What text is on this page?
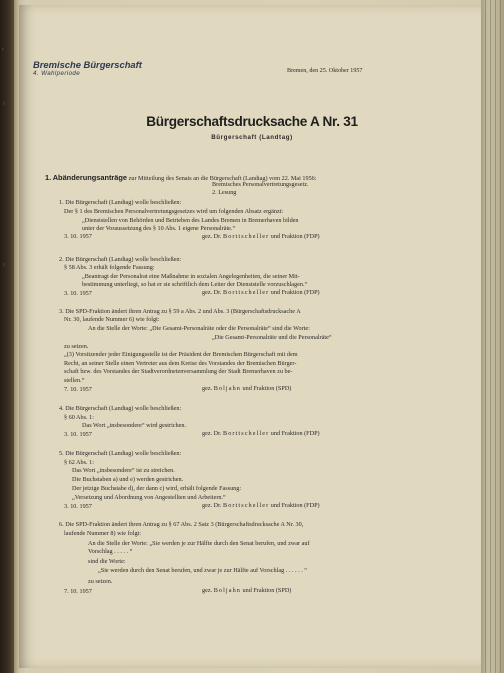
r
r
c
Bremische Bürgerschaft
4. Wahlperiode	Bremen, den 25. Oktober 1957
Bürgerschaftsdrucksache A Nr. 31
Bürgerschaft (Landtag)
1. Abänderungsanträge zur Mitteilung des Senats an die Bürgerschaft (Landtag) vom 22. Mai 1956:
Bremisches Personalvertretungsgesetz.
2. Lesung
1. Die Bürgerschaft (Landtag) wolle beschließen:
Der § 1 des Bremischen Personalvertretungsgesetzes wird um folgenden Absatz ergänzt:
„Dienststellen von Behörden und Betrieben des Landes Bremen in Bremerhaven bilden
unter der Voraussetzung des § 10 Abs. 1 eigene Personalräte.“
3. 10. 1957	gez. Dr. Borttscheller und Fraktion (FDP)
2. Die Bürgerschaft (Landtag) wolle beschließen:
§ 58 Abs. 3 erhält folgende Fassung:
„Beantragt der Personalrat eine Maßnahme in sozialen Angelegenheiten, die seiner Mit-
bestimmung unterliegt, so hat er sie schriftlich dem Leiter der Dienststelle vorzuschlagen.“
3. 10. 1957	gez. Dr. Borttscheller und Fraktion (FDP)
3. Die SPD-Fraktion ändert ihren Antrag zu § 59 a Abs. 2 und Abs. 3 (Bürgerschaftsdrucksache A
Nr. 30, laufende Nummer 6) wie folgt:
An die Stelle der Worte: „Die Gesamt-Personalräte oder die Personalräte“ sind die Worte:
„Die Gesamt-Personalräte und die Personalräte“
zu setzen.
„(3) Vorsitzender jeder Einigungsstelle ist der Präsident der Bremischen Bürgerschaft mit dem
Recht, an seiner Stelle einen Vertreter aus dem Kreise des Vorstandes der Bremischen Bürger-
schaft bzw. des Vorstandes der Stadtverordnetenversammlung der Stadt Bremerhaven zu be-
stellen.“
7. 10. 1957	gez. Boljahn und Fraktion (SPD)
4. Die Bürgerschaft (Landtag) wolle beschließen:
§ 60 Abs. 1:
Das Wort „insbesondere“ wird gestrichen.
3. 10. 1957	gez. Dr. Borttscheller und Fraktion (FDP)
5. Die Bürgerschaft (Landtag) wolle beschließen:
§ 62 Abs. 1:
Das Wort „insbesondere“ ist zu streichen.
Die Buchstaben a) und e) werden gestrichen.
Der jetzige Buchstabe d), der dann c) wird, erhält folgende Fassung:
„Versetzung und Abordnung von Angestellten und Arbeitern.“
3. 10. 1957	gez. Dr. Borttscheller und Fraktion (FDP)
6. Die SPD-Fraktion ändert ihren Antrag zu § 67 Abs. 2 Satz 3 (Bürgerschaftsdrucksache A Nr. 30,
laufende Nummer 8) wie folgt:
An die Stelle der Worte: „Sie werden je zur Hälfte durch den Senat berufen, und zwar auf
Vorschlag . . . . . “
sind die Worte:
„Sie werden durch den Senat berufen, und zwar je zur Hälfte auf Vorschlag . . . . . . “
zu setzen.
7. 10. 1957	gez. Boljahn und Fraktion (SPD)
